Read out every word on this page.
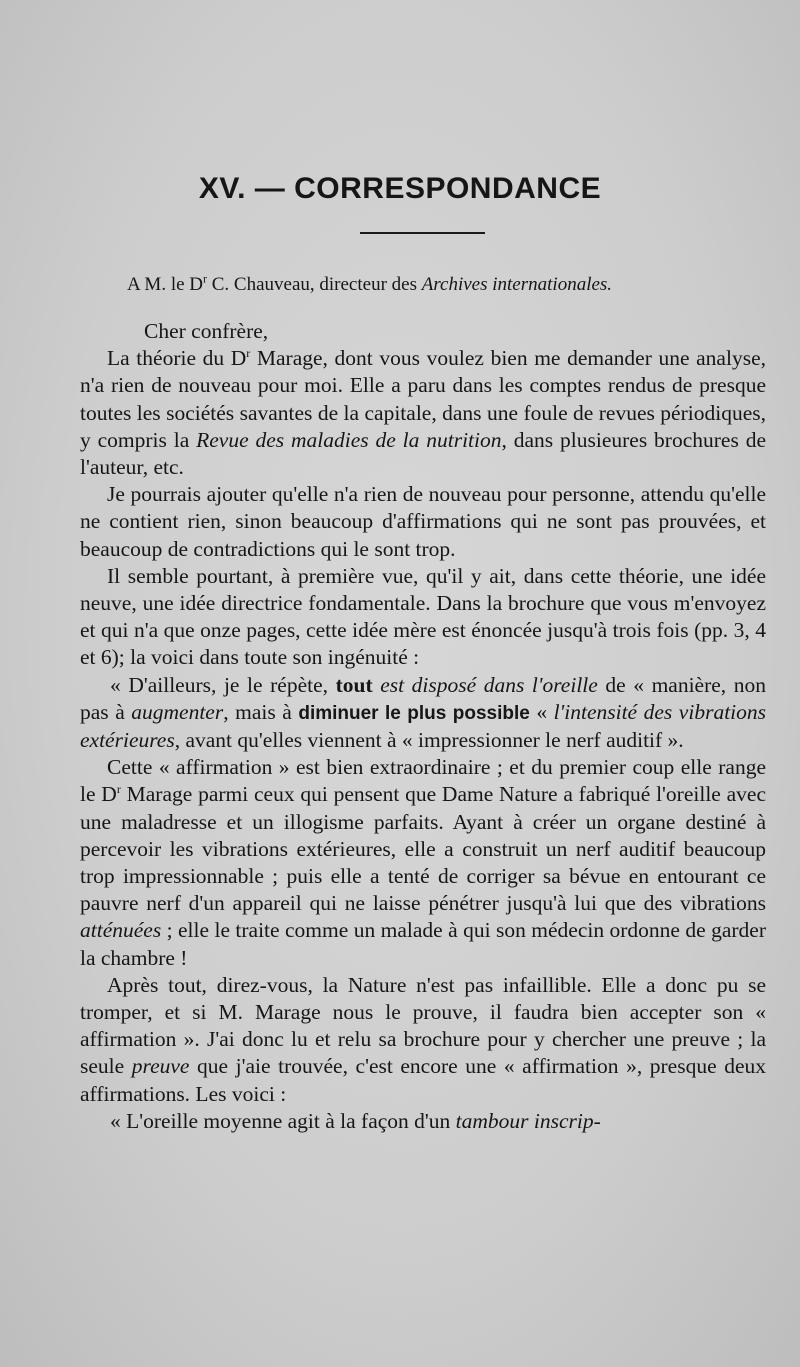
XV. — CORRESPONDANCE
A M. le $D^r$ C. Chauveau, directeur des Archives internationales.

Cher confrère,

La théorie du $D^r$ Marage, dont vous voulez bien me demander une analyse, n'a rien de nouveau pour moi. Elle a paru dans les comptes rendus de presque toutes les sociétés savantes de la capitale, dans une foule de revues périodiques, y compris la Revue des maladies de la nutrition, dans plusieures brochures de l'auteur, etc.

Je pourrais ajouter qu'elle n'a rien de nouveau pour personne, attendu qu'elle ne contient rien, sinon beaucoup d'affirmations qui ne sont pas prouvées, et beaucoup de contradictions qui le sont trop.

Il semble pourtant, à première vue, qu'il y ait, dans cette théorie, une idée neuve, une idée directrice fondamentale. Dans la brochure que vous m'envoyez et qui n'a que onze pages, cette idée mère est énoncée jusqu'à trois fois (pp. 3, 4 et 6); la voici dans toute son ingénuité :

« D'ailleurs, je le répète, tout est disposé dans l'oreille de « manière, non pas à augmenter, mais à diminuer le plus possible « l'intensité des vibrations extérieures, avant qu'elles viennent à « impressionner le nerf auditif ».

Cette « affirmation » est bien extraordinaire ; et du premier coup elle range le $D^r$ Marage parmi ceux qui pensent que Dame Nature a fabriqué l'oreille avec une maladresse et un illogisme parfaits. Ayant à créer un organe destiné à percevoir les vibrations extérieures, elle a construit un nerf auditif beaucoup trop impressionnable ; puis elle a tenté de corriger sa bévue en entourant ce pauvre nerf d'un appareil qui ne laisse pénétrer jusqu'à lui que des vibrations atténuées ; elle le traite comme un malade à qui son médecin ordonne de garder la chambre !

Après tout, direz-vous, la Nature n'est pas infaillible. Elle a donc pu se tromper, et si M. Marage nous le prouve, il faudra bien accepter son « affirmation ». J'ai donc lu et relu sa brochure pour y chercher une preuve ; la seule preuve que j'aie trouvée, c'est encore une « affirmation », presque deux affirmations. Les voici :

« L'oreille moyenne agit à la façon d'un tambour inscrip-
